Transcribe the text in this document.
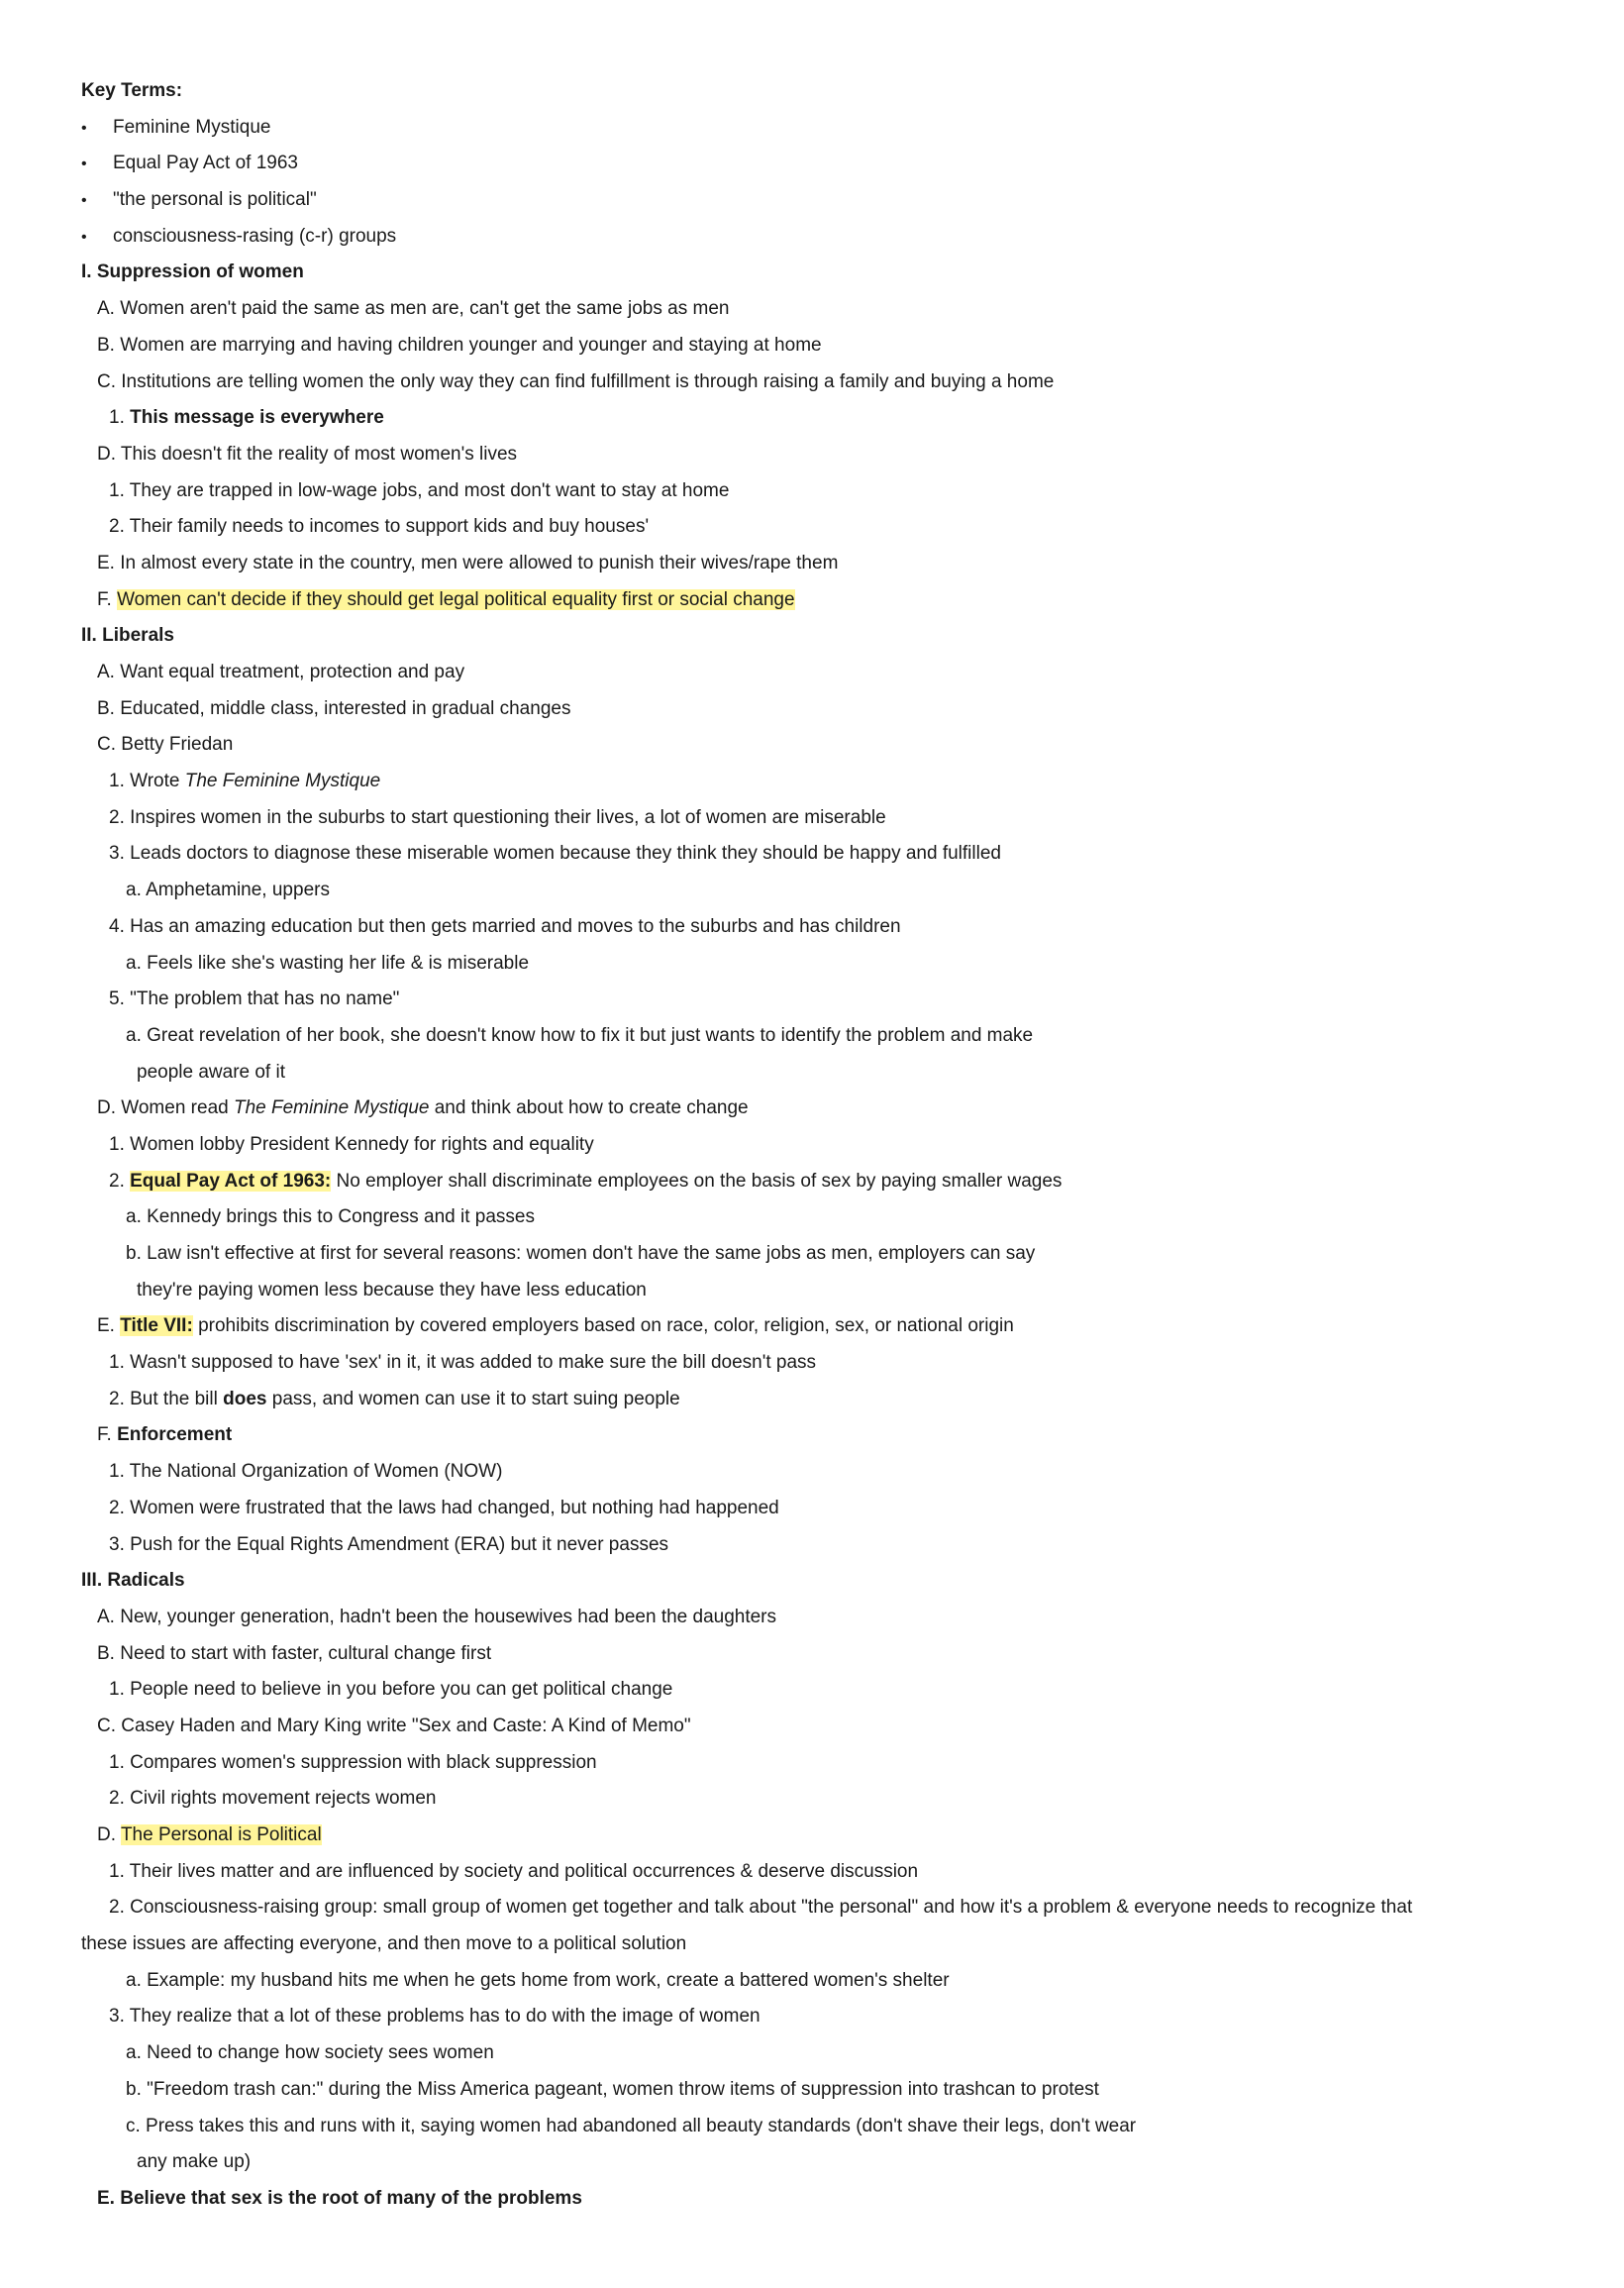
Key Terms:
• Feminine Mystique
• Equal Pay Act of 1963
• "the personal is political"
• consciousness-rasing (c-r) groups
I. Suppression of women
A. Women aren't paid the same as men are, can't get the same jobs as men
B. Women are marrying and having children younger and younger and staying at home
C. Institutions are telling women the only way they can find fulfillment is through raising a family and buying a home
1. This message is everywhere
D. This doesn't fit the reality of most women's lives
1. They are trapped in low-wage jobs, and most don't want to stay at home
2. Their family needs to incomes to support kids and buy houses'
E. In almost every state in the country, men were allowed to punish their wives/rape them
F. Women can't decide if they should get legal political equality first or social change
II. Liberals
A. Want equal treatment, protection and pay
B. Educated, middle class, interested in gradual changes
C. Betty Friedan
1. Wrote The Feminine Mystique
2. Inspires women in the suburbs to start questioning their lives, a lot of women are miserable
3. Leads doctors to diagnose these miserable women because they think they should be happy and fulfilled
a. Amphetamine, uppers
4. Has an amazing education but then gets married and moves to the suburbs and has children
a. Feels like she's wasting her life & is miserable
5. "The problem that has no name"
a. Great revelation of her book, she doesn't know how to fix it but just wants to identify the problem and make
people aware of it
D. Women read The Feminine Mystique and think about how to create change
1. Women lobby President Kennedy for rights and equality
2. Equal Pay Act of 1963: No employer shall discriminate employees on the basis of sex by paying smaller wages
a. Kennedy brings this to Congress and it passes
b. Law isn't effective at first for several reasons: women don't have the same jobs as men, employers can say
they're paying women less because they have less education
E. Title VII: prohibits discrimination by covered employers based on race, color, religion, sex, or national origin
1. Wasn't supposed to have 'sex' in it, it was added to make sure the bill doesn't pass
2. But the bill does pass, and women can use it to start suing people
F. Enforcement
1. The National Organization of Women (NOW)
2. Women were frustrated that the laws had changed, but nothing had happened
3. Push for the Equal Rights Amendment (ERA) but it never passes
III. Radicals
A. New, younger generation, hadn't been the housewives had been the daughters
B. Need to start with faster, cultural change first
1. People need to believe in you before you can get political change
C. Casey Haden and Mary King write "Sex and Caste: A Kind of Memo"
1. Compares women's suppression with black suppression
2. Civil rights movement rejects women
D. The Personal is Political
1. Their lives matter and are influenced by society and political occurrences & deserve discussion
2. Consciousness-raising group: small group of women get together and talk about "the personal" and how it's a problem & everyone needs to recognize that
these issues are affecting everyone, and then move to a political solution
a. Example: my husband hits me when he gets home from work, create a battered women's shelter
3. They realize that a lot of these problems has to do with the image of women
a. Need to change how society sees women
b. "Freedom trash can:" during the Miss America pageant, women throw items of suppression into trashcan to protest
c. Press takes this and runs with it, saying women had abandoned all beauty standards (don't shave their legs, don't wear
any make up)
E. Believe that sex is the root of many of the problems
